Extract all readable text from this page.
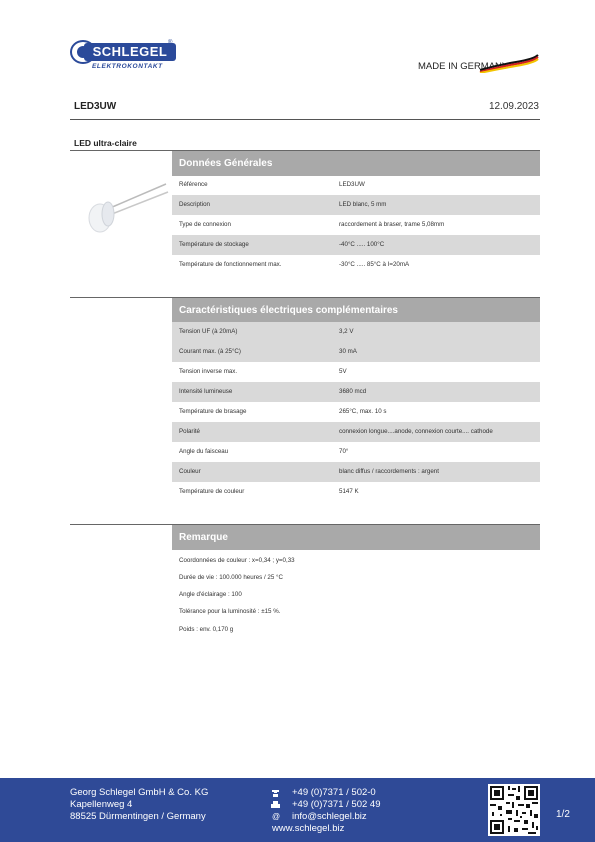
SCHLEGEL
ELEKTROKONTAKT
®
MADE IN GERMANY
LED3UW	12.09.2023
LED ultra-claire
Données Générales
Référence	LED3UW
Description	LED blanc, 5 mm
Type de connexion	raccordement à braser, trame 5,08mm
Température de stockage	-40°C ..... 100°C
Température de fonctionnement max.	-30°C ..... 85°C à I=20mA
Caractéristiques électriques complémentaires
Tension UF (à 20mA)	3,2 V
Courant max. (à 25°C)	30 mA
Tension inverse max.	5V
Intensité lumineuse	3680 mcd
Température de brasage	265°C, max. 10 s
Polarité	connexion longue....anode, connexion courte.... cathode
Angle du faisceau	70°
Couleur	blanc diffus / raccordements : argent
Température de couleur	5147 K
Remarque
Coordonnées de couleur : x=0,34 ; y=0,33
Durée de vie : 100.000 heures / 25 °C
Angle d'éclairage : 100
Tolérance pour la luminosité : ±15 %.
Poids : env. 0,170 g
Georg Schlegel GmbH & Co. KG
Kapellenweg 4
88525 Dürmentingen / Germany	@
+49 (0)7371 / 502-0
+49 (0)7371 / 502 49
info@schlegel.biz
www.schlegel.biz
1/2
